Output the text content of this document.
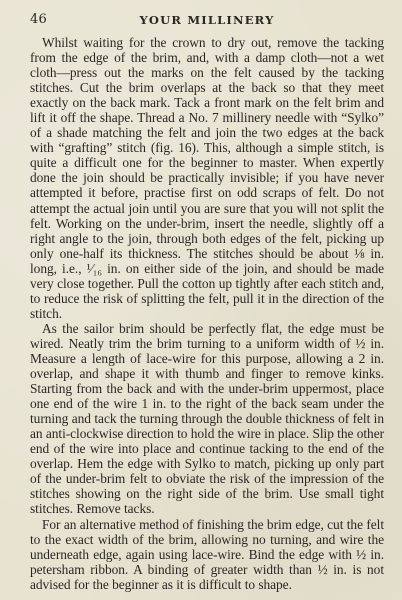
46	YOUR MILLINERY

Whilst waiting for the crown to dry out, remove the tacking from the edge of the brim, and, with a damp cloth—not a wet cloth—press out the marks on the felt caused by the tacking stitches. Cut the brim overlaps at the back so that they meet exactly on the back mark. Tack a front mark on the felt brim and lift it off the shape. Thread a No. 7 millinery needle with “Sylko” of a shade matching the felt and join the two edges at the back with “grafting” stitch (fig. 16). This, although a simple stitch, is quite a difficult one for the beginner to master. When expertly done the join should be practically invisible; if you have never attempted it before, practise first on odd scraps of felt. Do not attempt the actual join until you are sure that you will not split the felt. Working on the under-brim, insert the needle, slightly off a right angle to the join, through both edges of the felt, picking up only one-half its thickness. The stitches should be about ⅛ in. long, i.e., ¹⁄₁₆ in. on either side of the join, and should be made very close together. Pull the cotton up tightly after each stitch and, to reduce the risk of splitting the felt, pull it in the direction of the stitch.

As the sailor brim should be perfectly flat, the edge must be wired. Neatly trim the brim turning to a uniform width of ½ in. Measure a length of lace-wire for this purpose, allowing a 2 in. overlap, and shape it with thumb and finger to remove kinks. Starting from the back and with the under-brim uppermost, place one end of the wire 1 in. to the right of the back seam under the turning and tack the turning through the double thickness of felt in an anti-clockwise direction to hold the wire in place. Slip the other end of the wire into place and continue tacking to the end of the overlap. Hem the edge with Sylko to match, picking up only part of the under-brim felt to obviate the risk of the impression of the stitches showing on the right side of the brim. Use small tight stitches. Remove tacks.

For an alternative method of finishing the brim edge, cut the felt to the exact width of the brim, allowing no turning, and wire the underneath edge, again using lace-wire. Bind the edge with ½ in. petersham ribbon. A binding of greater width than ½ in. is not advised for the beginner as it is difficult to shape.
